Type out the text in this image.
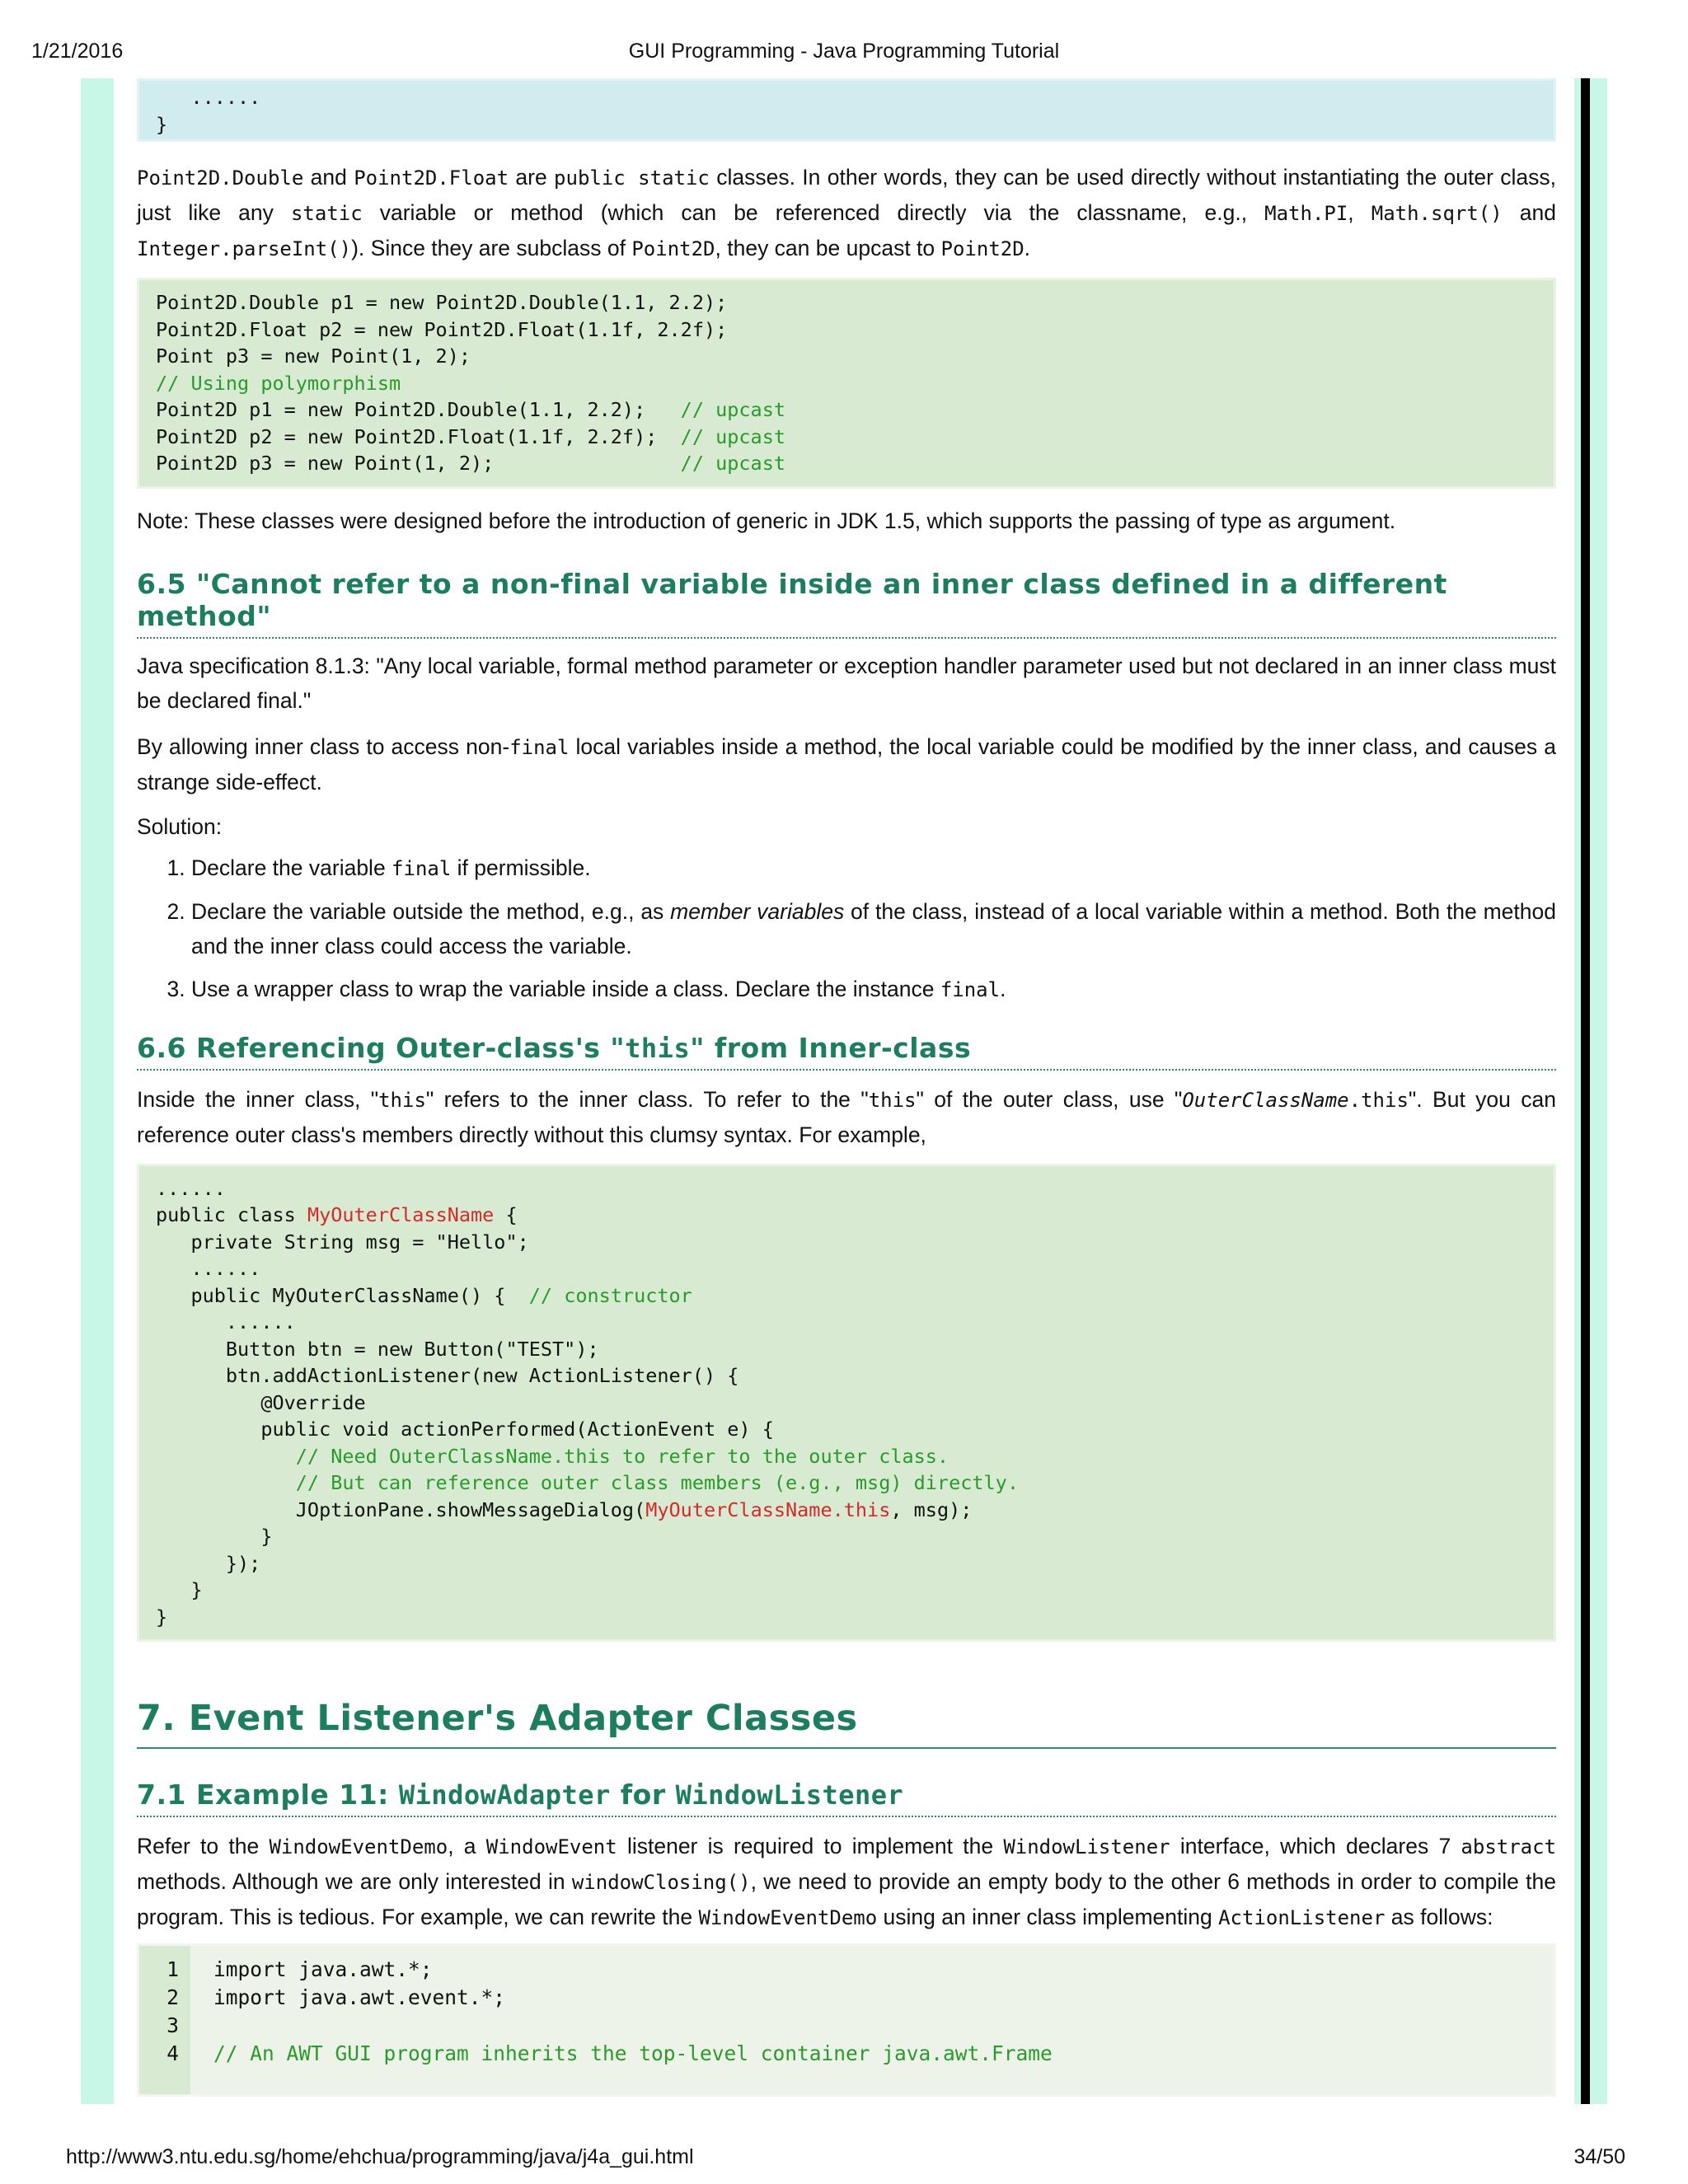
1/21/2016	GUI Programming - Java Programming Tutorial
......
}

Point2D.Double and Point2D.Float are public static classes. In other words, they can be used directly without instantiating the outer class, just like any static variable or method (which can be referenced directly via the classname, e.g., Math.PI, Math.sqrt() and Integer.parseInt()). Since they are subclass of Point2D, they can be upcast to Point2D.

Point2D.Double p1 = new Point2D.Double(1.1, 2.2);
Point2D.Float p2 = new Point2D.Float(1.1f, 2.2f);
Point p3 = new Point(1, 2);
// Using polymorphism
Point2D p1 = new Point2D.Double(1.1, 2.2);   // upcast
Point2D p2 = new Point2D.Float(1.1f, 2.2f);  // upcast
Point2D p3 = new Point(1, 2);                // upcast

Note: These classes were designed before the introduction of generic in JDK 1.5, which supports the passing of type as argument.

6.5 "Cannot refer to a non-final variable inside an inner class defined in a different method"

Java specification 8.1.3: "Any local variable, formal method parameter or exception handler parameter used but not declared in an inner class must be declared final."

By allowing inner class to access non-final local variables inside a method, the local variable could be modified by the inner class, and causes a strange side-effect.

Solution:

1. Declare the variable final if permissible.
2. Declare the variable outside the method, e.g., as member variables of the class, instead of a local variable within a method. Both the method and the inner class could access the variable.
3. Use a wrapper class to wrap the variable inside a class. Declare the instance final.
6.6 Referencing Outer-class's "this" from Inner-class

Inside the inner class, "this" refers to the inner class. To refer to the "this" of the outer class, use "OuterClassName.this". But you can reference outer class's members directly without this clumsy syntax. For example,

......
public class MyOuterClassName {
private String msg = "Hello";
......
public MyOuterClassName() {  // constructor
......
Button btn = new Button("TEST");
btn.addActionListener(new ActionListener() {
@Override
public void actionPerformed(ActionEvent e) {
// Need OuterClassName.this to refer to the outer class.
// But can reference outer class members (e.g., msg) directly.
JOptionPane.showMessageDialog(MyOuterClassName.this, msg);
}
});
}
}
7. Event Listener's Adapter Classes
7.1 Example 11: WindowAdapter for WindowListener

Refer to the WindowEventDemo, a WindowEvent listener is required to implement the WindowListener interface, which declares 7 abstract methods. Although we are only interested in windowClosing(), we need to provide an empty body to the other 6 methods in order to compile the program. This is tedious. For example, we can rewrite the WindowEventDemo using an inner class implementing ActionListener as follows:

1
2
3
4
import java.awt.*;
import java.awt.event.*;

// An AWT GUI program inherits the top-level container java.awt.Frame
http://www3.ntu.edu.sg/home/ehchua/programming/java/j4a_gui.html	34/50
